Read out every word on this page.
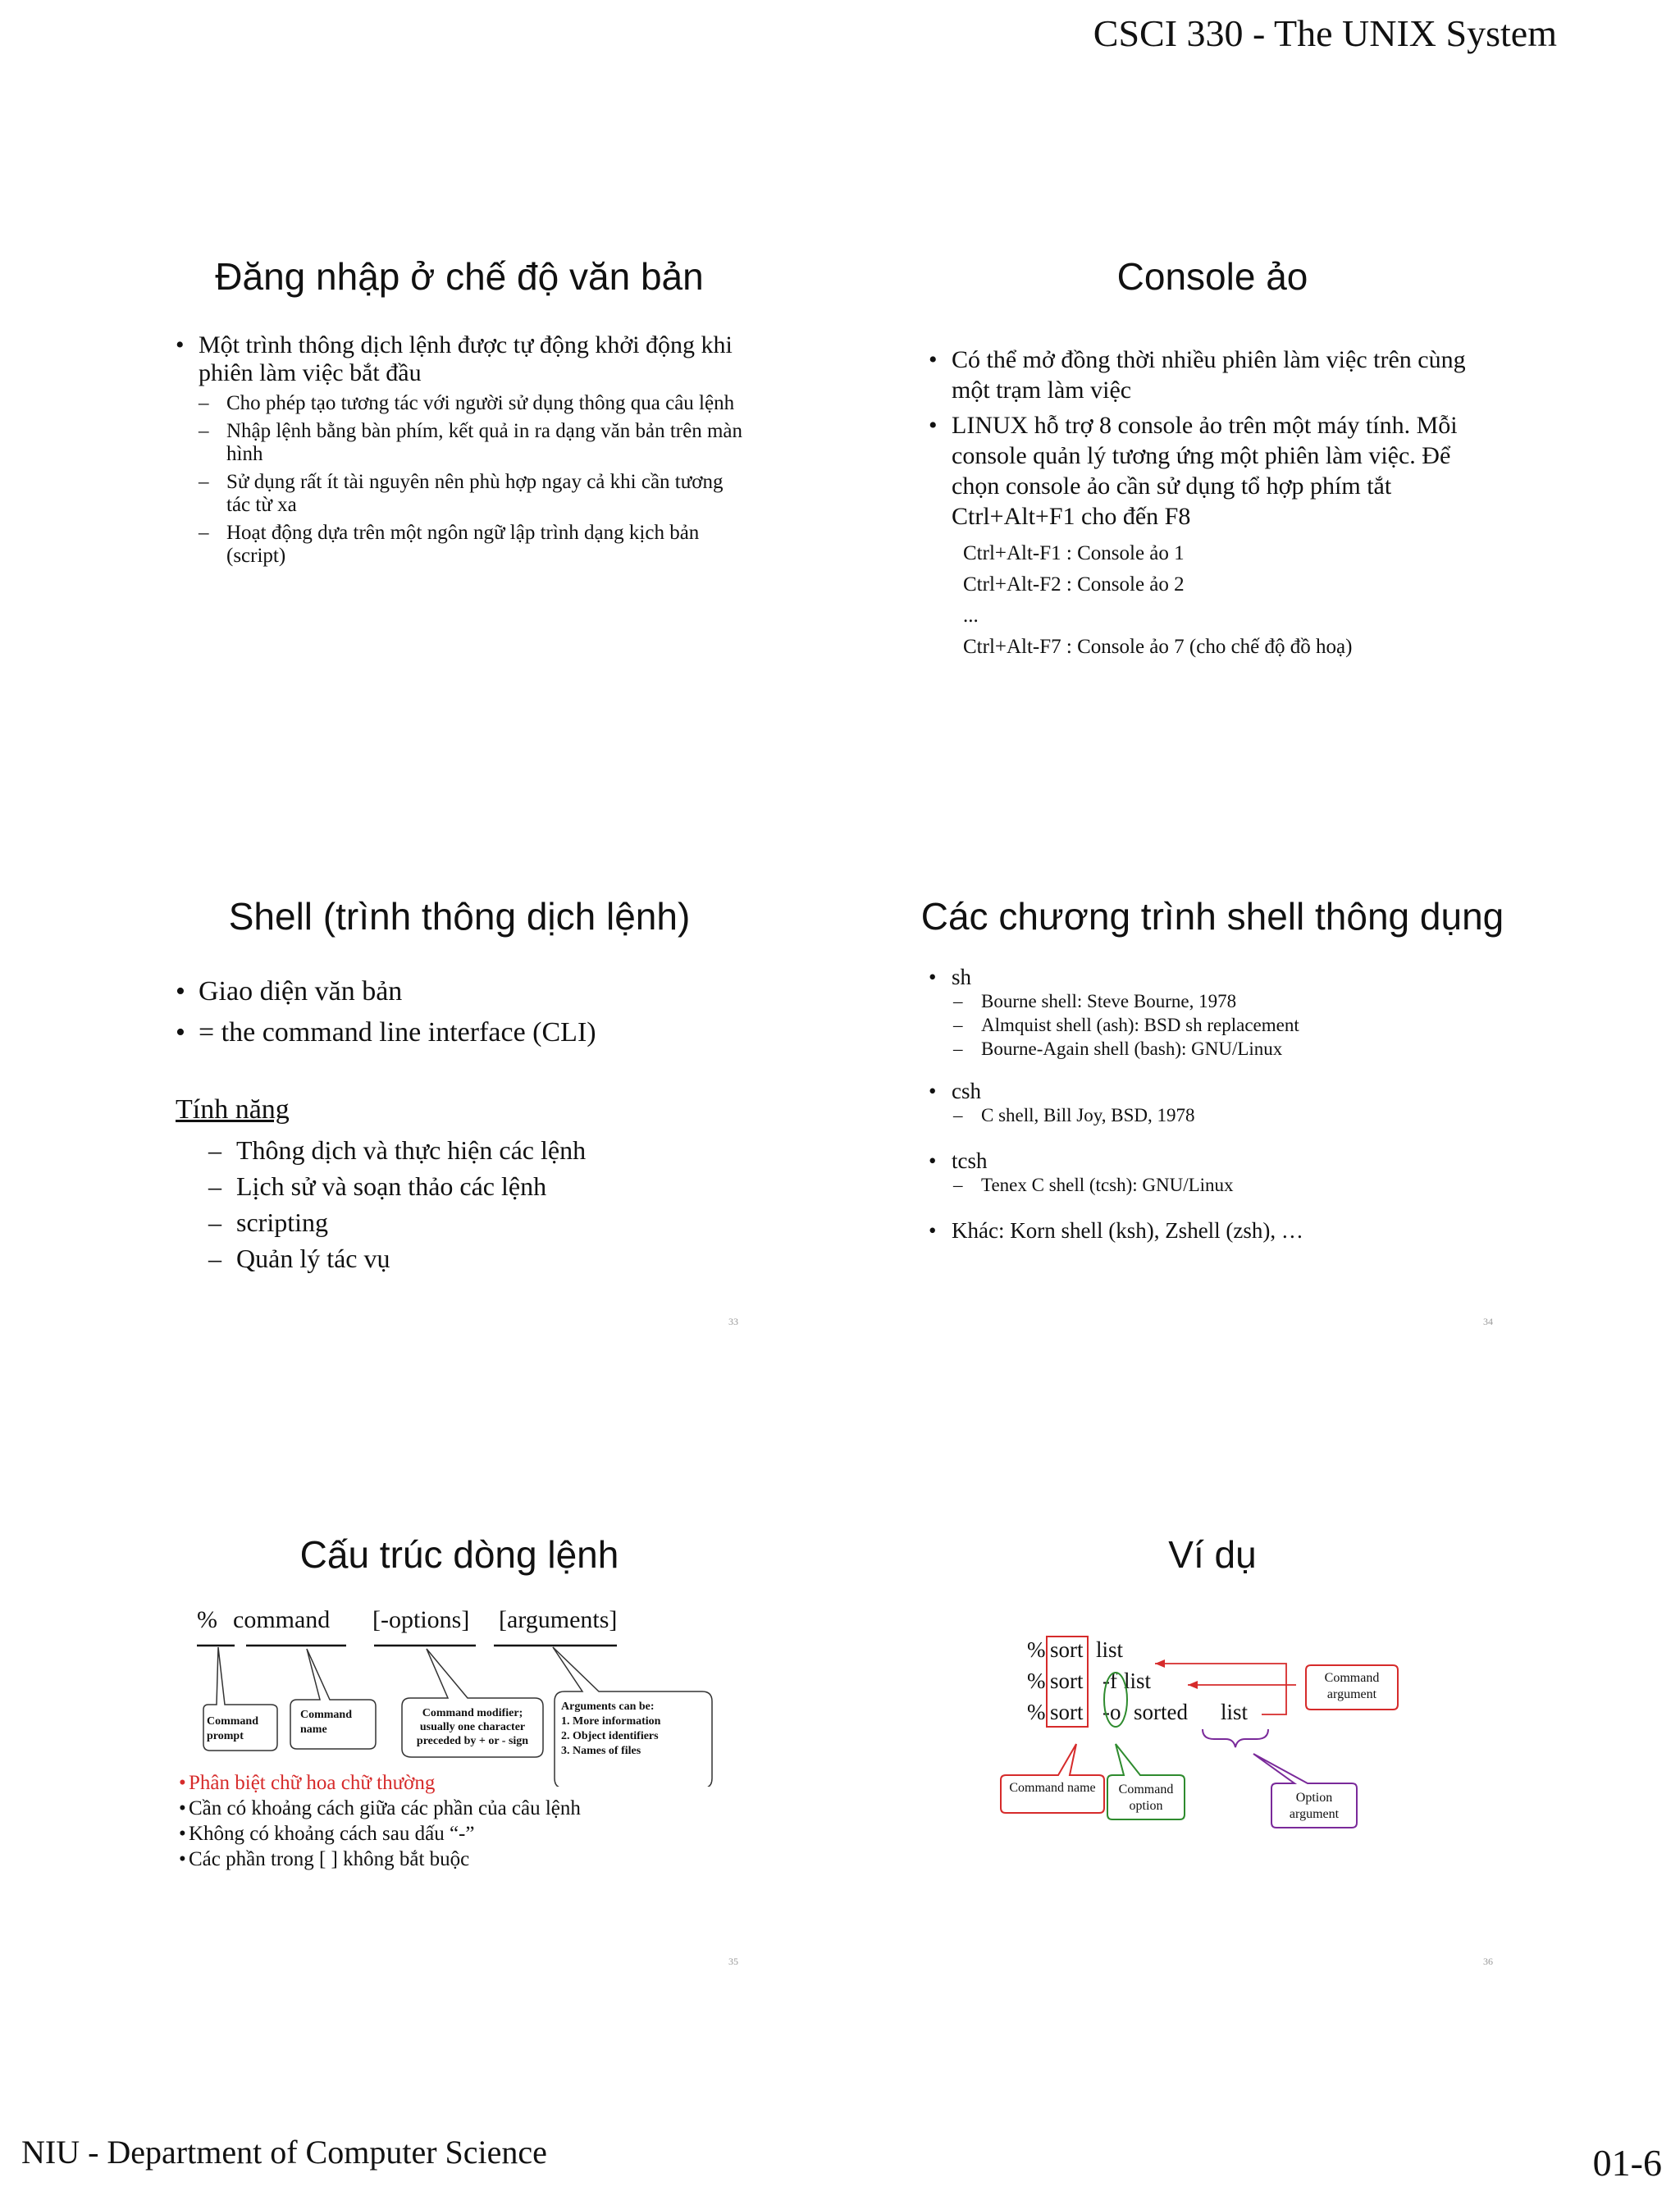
CSCI 330 - The UNIX System
NIU - Department of Computer Science	01-6
Đăng nhập ở chế độ văn bản
• Một trình thông dịch lệnh được tự động khởi động khi phiên làm việc bắt đầu
– Cho phép tạo tương tác với người sử dụng thông qua câu lệnh
– Nhập lệnh bằng bàn phím, kết quả in ra dạng văn bản trên màn hình
– Sử dụng rất ít tài nguyên nên phù hợp ngay cả khi cần tương tác từ xa
– Hoạt động dựa trên một ngôn ngữ lập trình dạng kịch bản (script)
Console ảo
• Có thể mở đồng thời nhiều phiên làm việc trên cùng một trạm làm việc
• LINUX hỗ trợ 8 console ảo trên một máy tính. Mỗi console quản lý tương ứng một phiên làm việc. Để chọn console ảo cần sử dụng tổ hợp phím tắt Ctrl+Alt+F1 cho đến F8
Ctrl+Alt-F1 : Console ảo 1
Ctrl+Alt-F2 : Console ảo 2
...
Ctrl+Alt-F7 : Console ảo 7 (cho chế độ đồ hoạ)
Shell (trình thông dịch lệnh)
• Giao diện văn bản
• = the command line interface (CLI)
Tính năng
– Thông dịch và thực hiện các lệnh
– Lịch sử và soạn thảo các lệnh
– scripting
– Quản lý tác vụ
33
Các chương trình shell thông dụng
• sh
– Bourne shell: Steve Bourne, 1978
– Almquist shell (ash): BSD sh replacement
– Bourne-Again shell (bash): GNU/Linux
• csh
– C shell, Bill Joy, BSD, 1978
• tcsh
– Tenex C shell (tcsh): GNU/Linux
• Khác: Korn shell (ksh), Zshell (zsh), …
34
Cấu trúc dòng lệnh
% command [-options] [arguments]
Command prompt
Command name
Command modifier; usually one character preceded by + or - sign
Arguments can be:
1. More information
2. Object identifiers
3. Names of files
• Phân biệt chữ hoa chữ thường
• Cần có khoảng cách giữa các phần của câu lệnh
• Không có khoảng cách sau dấu “-”
• Các phần trong [ ] không bắt buộc
35
Ví dụ
% sort list
% sort -f list
% sort -o sorted list
Command name	Command option
Command argument
Option argument
36
